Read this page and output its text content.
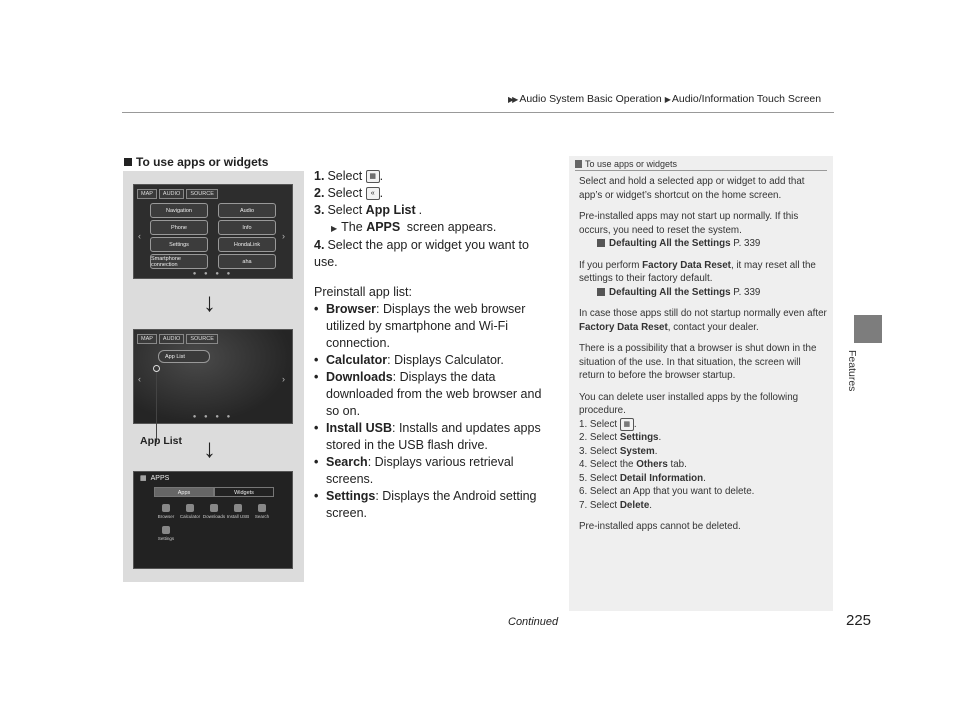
▶▶ Audio System Basic Operation ▶ Audio/Information Touch Screen
Features
To use apps or widgets
MAP	AUDIO	SOURCE
Navigation	Audio
Phone	Info
Settings	HondaLink
Smartphone connection	aha
‹	›
● ● ● ●
↓
MAP	AUDIO	SOURCE
App List
‹	›
● ● ● ●
App List ↓
▦ APPS
Apps	Widgets
Browser	Calculator Downloads Install USB	Search
Settings

1. Select ▦ .

2. Select « .

3. Select App List .

▶ The APPS screen appears.

4. Select the app or widget you want to use.

Preinstall app list:

• Browser: Displays the web browser utilized by smartphone and Wi-Fi connection.

• Calculator: Displays Calculator.

• Downloads: Displays the data downloaded from the web browser and so on.

• Install USB: Installs and updates apps stored in the USB flash drive.

• Search: Displays various retrieval screens.

• Settings: Displays the Android setting screen.

To use apps or widgets

Select and hold a selected app or widget to add that app’s or widget’s shortcut on the home screen.

Pre-installed apps may not start up normally. If this occurs, you need to reset the system.
Defaulting All the Settings P. 339

If you perform Factory Data Reset, it may reset all the settings to their factory default.
Defaulting All the Settings P. 339

In case those apps still do not startup normally even after Factory Data Reset, contact your dealer.

There is a possibility that a browser is shut down in the situation of the use. In that situation, the screen will return to before the browser startup.

You can delete user installed apps by the following procedure.
1. Select ▦ .
2. Select Settings.
3. Select System.
4. Select the Others tab.
5. Select Detail Information.
6. Select an App that you want to delete.
7. Select Delete.

Pre-installed apps cannot be deleted.

Continued	225
